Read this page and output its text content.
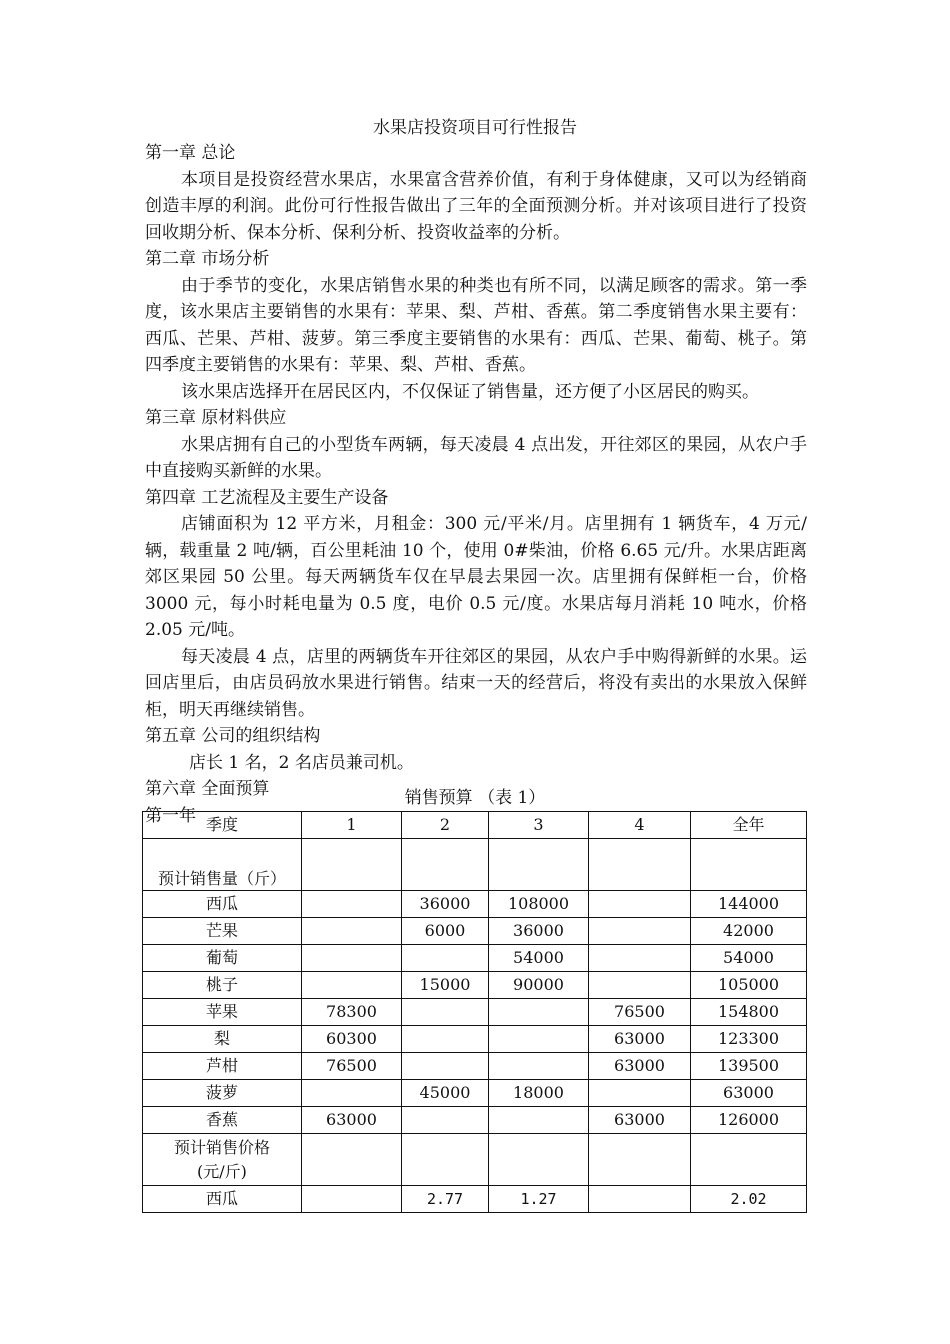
水果店投资项目可行性报告

第一章 总论

本项目是投资经营水果店，水果富含营养价值，有利于身体健康，又可以为经销商创造丰厚的利润。此份可行性报告做出了三年的全面预测分析。并对该项目进行了投资回收期分析、保本分析、保利分析、投资收益率的分析。

第二章 市场分析

由于季节的变化，水果店销售水果的种类也有所不同，以满足顾客的需求。第一季度，该水果店主要销售的水果有：苹果、梨、芦柑、香蕉。第二季度销售水果主要有：西瓜、芒果、芦柑、菠萝。第三季度主要销售的水果有：西瓜、芒果、葡萄、桃子。第四季度主要销售的水果有：苹果、梨、芦柑、香蕉。

该水果店选择开在居民区内，不仅保证了销售量，还方便了小区居民的购买。

第三章 原材料供应

水果店拥有自己的小型货车两辆，每天凌晨 4 点出发，开往郊区的果园，从农户手中直接购买新鲜的水果。

第四章 工艺流程及主要生产设备

店铺面积为 12 平方米，月租金：300 元/平米/月。店里拥有 1 辆货车，4 万元/辆，载重量 2 吨/辆，百公里耗油 10 个，使用 0#柴油，价格 6.65 元/升。水果店距离郊区果园 50 公里。每天两辆货车仅在早晨去果园一次。店里拥有保鲜柜一台，价格 3000 元，每小时耗电量为 0.5 度，电价 0.5 元/度。水果店每月消耗 10 吨水，价格 2.05 元/吨。

每天凌晨 4 点，店里的两辆货车开往郊区的果园，从农户手中购得新鲜的水果。运回店里后，由店员码放水果进行销售。结束一天的经营后，将没有卖出的水果放入保鲜柜，明天再继续销售。

第五章 公司的组织结构

店长 1 名，2 名店员兼司机。

第六章 全面预算

第一年

销售预算 （表 1）
季度	1	2	3	4	全年
预计销售量（斤）					
西瓜		36000	108000		144000
芒果		6000	36000		42000
葡萄			54000		54000
桃子		15000	90000		105000
苹果	78300			76500	154800
梨	60300			63000	123300
芦柑	76500			63000	139500
菠萝		45000	18000		63000
香蕉	63000			63000	126000

预计销售价格
(元/斤)					

西瓜		2.77	1.27		2.02
